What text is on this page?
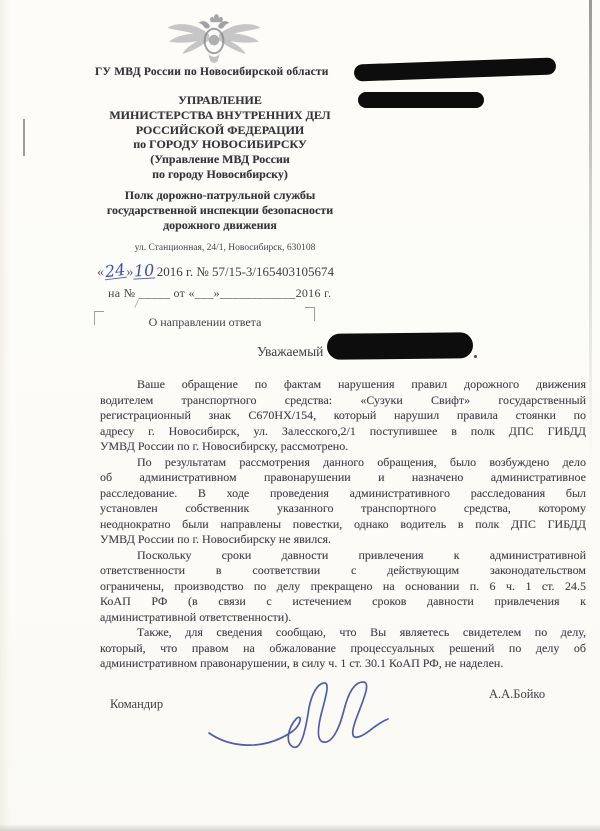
ГУ МВД России по Новосибирской области
УПРАВЛЕНИЕ
МИНИСТЕРСТВА ВНУТРЕННИХ ДЕЛ
РОССИЙСКОЙ ФЕДЕРАЦИИ
по ГОРОДУ НОВОСИБИРСКУ
(Управление МВД России
по городу Новосибирску)
Полк дорожно-патрульной службы
государственной инспекции безопасности
дорожного движения
ул. Станционная, 24/1, Новосибирск, 630108
«24»10 2016 г. № 57/15-3/165403105674
на № _____ от «___»____________2016 г.
О направлении ответа
Уважаемый
Ваше обращение по фактам нарушения правил дорожного движения
водителем транспортного средства: «Сузуки Свифт» государственный
регистрационный знак С670НХ/154, который нарушил правила стоянки по
адресу г. Новосибирск, ул. Залесского,2/1 поступившее в полк ДПС ГИБДД
УМВД России по г. Новосибирску, рассмотрено.
По результатам рассмотрения данного обращения, было возбуждено дело
об административном правонарушении и назначено административное
расследование. В ходе проведения административного расследования был
установлен собственник указанного транспортного средства, которому
неоднократно были направлены повестки, однако водитель в полк ДПС ГИБДД
УМВД России по г. Новосибирску не явился.
Поскольку сроки давности привлечения к административной
ответственности в соответствии с действующим законодательством
ограничены, производство по делу прекращено на основании п. 6 ч. 1 ст. 24.5
КоАП РФ (в связи с истечением сроков давности привлечения к
административной ответственности).
Также, для сведения сообщаю, что Вы являетесь свидетелем по делу,
который, что правом на обжалование процессуальных решений по делу об
административном правонарушении, в силу ч. 1 ст. 30.1 КоАП РФ, не наделен.
Командир
А.А.Бойко
